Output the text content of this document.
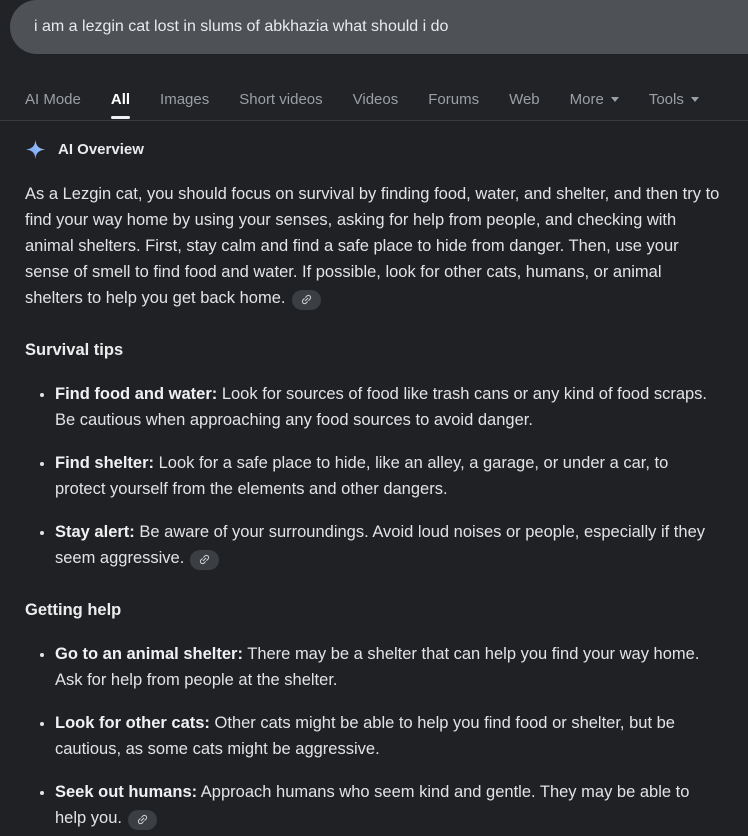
i am a lezgin cat lost in slums of abkhazia what should i do
AI Mode All Images Short videos Videos Forums Web More	Tools
AI Overview

As a Lezgin cat, you should focus on survival by finding food, water, and shelter, and then try to find your way home by using your senses, asking for help from people, and checking with animal shelters. First, stay calm and find a safe place to hide from danger. Then, use your sense of smell to find food and water. If possible, look for other cats, humans, or animal shelters to help you get back home.

Survival tips
• Find food and water: Look for sources of food like trash cans or any kind of food scraps. Be cautious when approaching any food sources to avoid danger.
• Find shelter: Look for a safe place to hide, like an alley, a garage, or under a car, to protect yourself from the elements and other dangers.
• Stay alert: Be aware of your surroundings. Avoid loud noises or people, especially if they seem aggressive.
Getting help
• Go to an animal shelter: There may be a shelter that can help you find your way home. Ask for help from people at the shelter.
• Look for other cats: Other cats might be able to help you find food or shelter, but be cautious, as some cats might be aggressive.
• Seek out humans: Approach humans who seem kind and gentle. They may be able to help you.
